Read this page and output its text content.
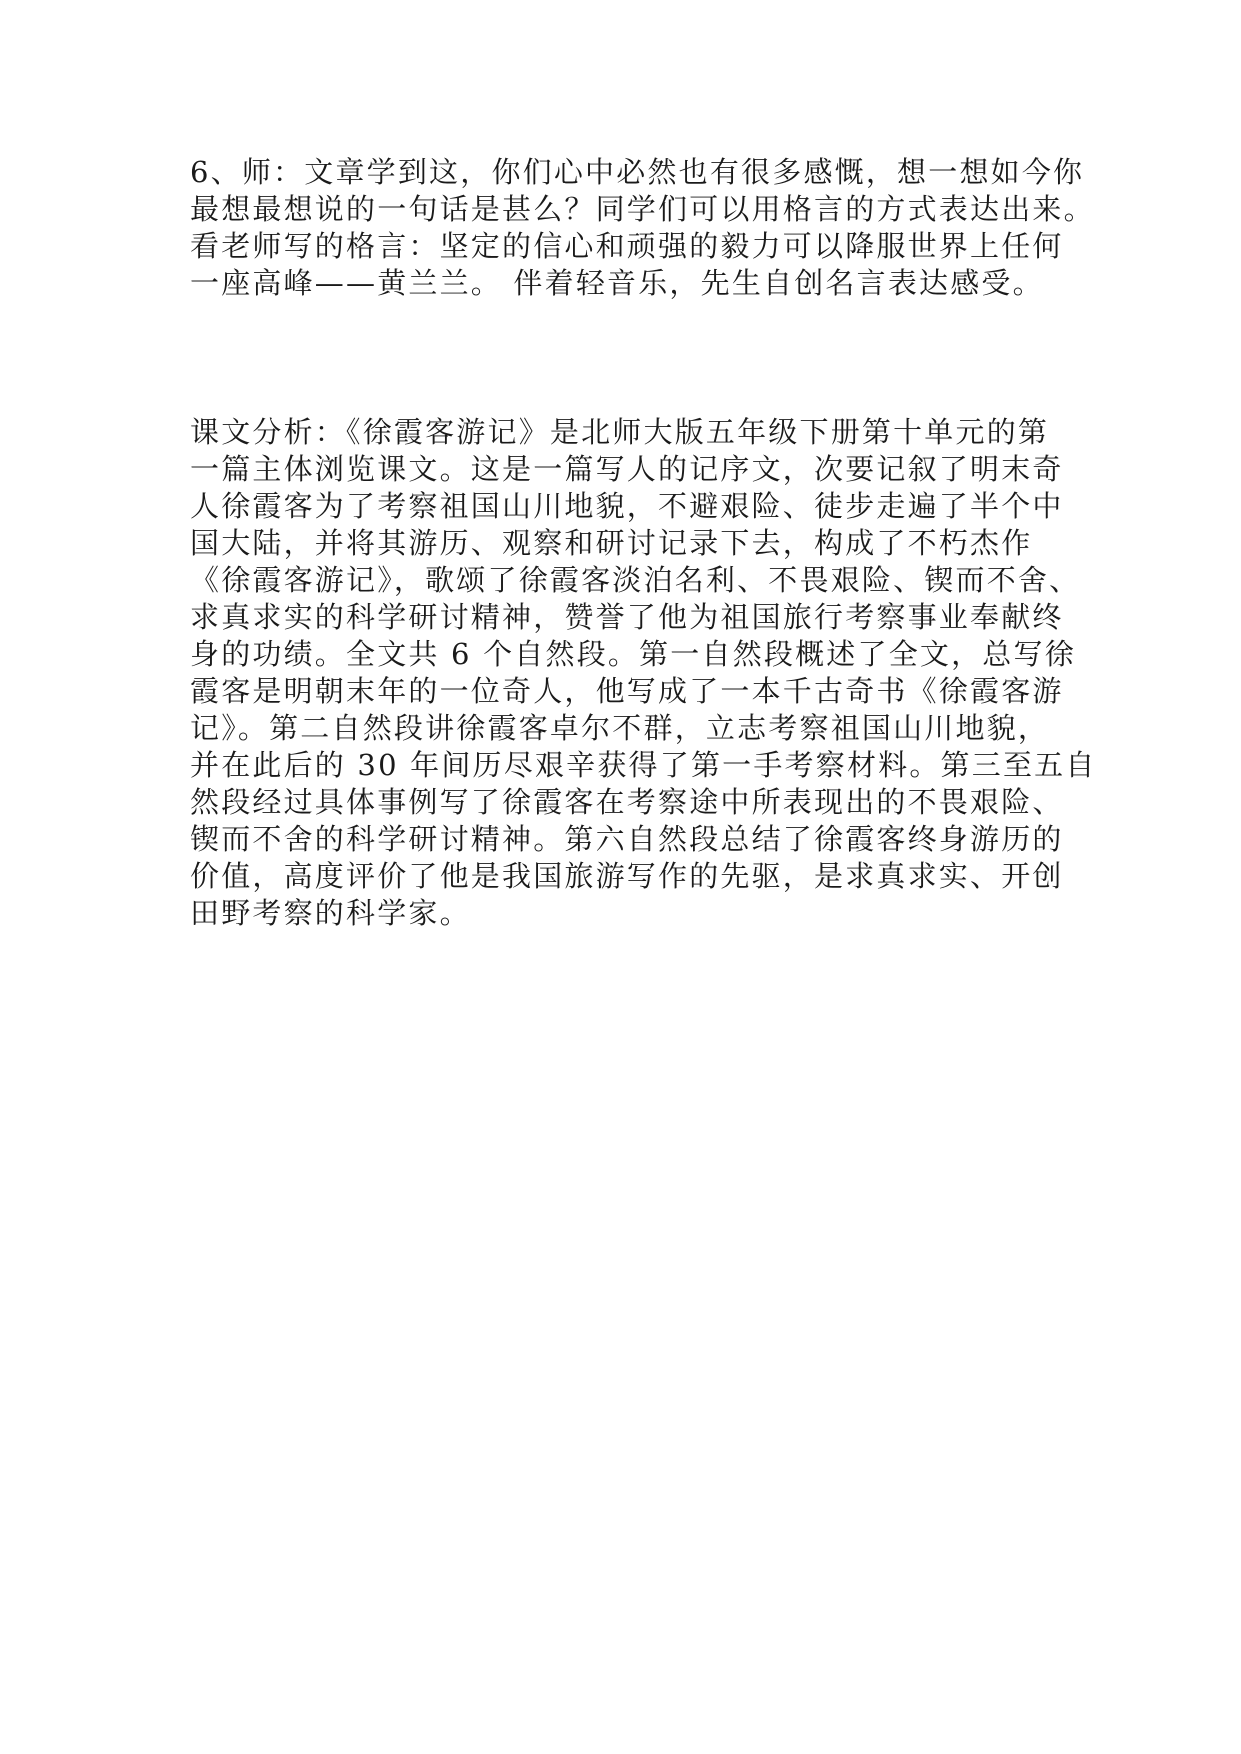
6、师：文章学到这，你们心中必然也有很多感慨，想一想如今你
最想最想说的一句话是甚么？同学们可以用格言的方式表达出来。
看老师写的格言：坚定的信心和顽强的毅力可以降服世界上任何
一座高峰——黄兰兰。 伴着轻音乐，先生自创名言表达感受。
课文分析：《徐霞客游记》是北师大版五年级下册第十单元的第
一篇主体浏览课文。这是一篇写人的记序文，次要记叙了明末奇
人徐霞客为了考察祖国山川地貌，不避艰险、徒步走遍了半个中
国大陆，并将其游历、观察和研讨记录下去，构成了不朽杰作
《徐霞客游记》，歌颂了徐霞客淡泊名利、不畏艰险、锲而不舍、
求真求实的科学研讨精神，赞誉了他为祖国旅行考察事业奉献终
身的功绩。全文共 6 个自然段。第一自然段概述了全文，总写徐
霞客是明朝末年的一位奇人，他写成了一本千古奇书《徐霞客游
记》。第二自然段讲徐霞客卓尔不群，立志考察祖国山川地貌，
并在此后的 30 年间历尽艰辛获得了第一手考察材料。第三至五自
然段经过具体事例写了徐霞客在考察途中所表现出的不畏艰险、
锲而不舍的科学研讨精神。第六自然段总结了徐霞客终身游历的
价值，高度评价了他是我国旅游写作的先驱，是求真求实、开创
田野考察的科学家。
